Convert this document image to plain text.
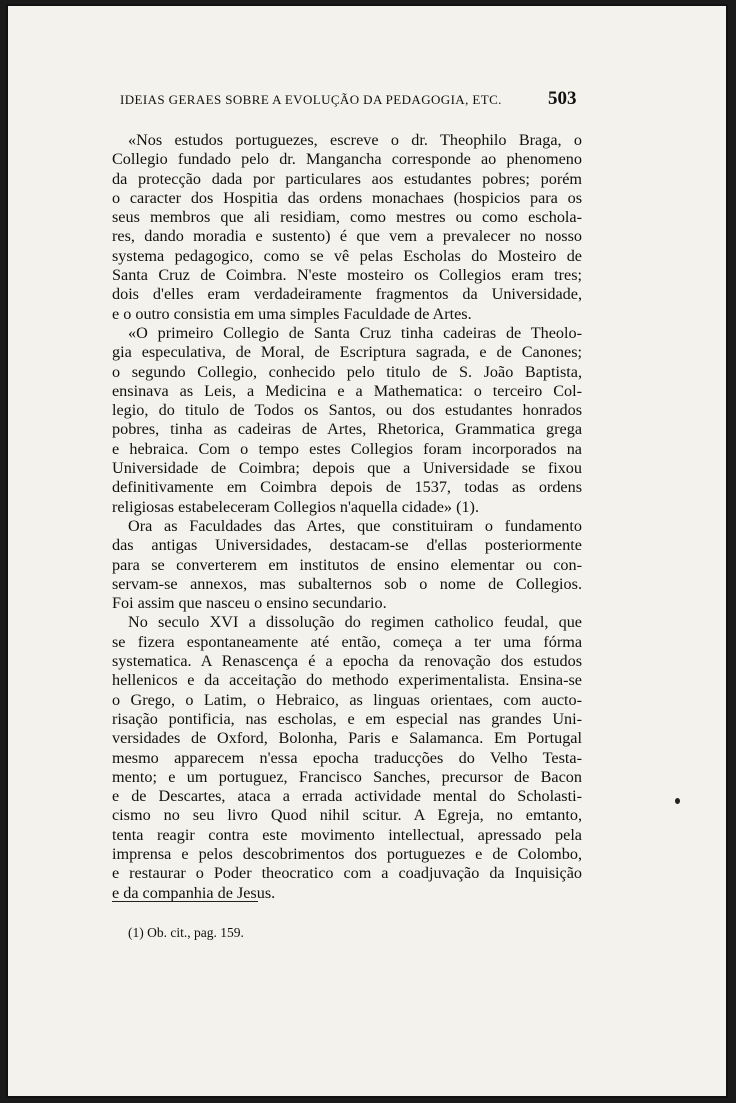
IDEIAS GERAES SOBRE A EVOLUÇÃO DA PEDAGOGIA, ETC.	503
«Nos estudos portuguezes, escreve o dr. Theophilo Braga, o
Collegio fundado pelo dr. Mangancha corresponde ao phenomeno
da protecção dada por particulares aos estudantes pobres; porém
o caracter dos Hospitia das ordens monachaes (hospicios para os
seus membros que ali residiam, como mestres ou como eschola-
res, dando moradia e sustento) é que vem a prevalecer no nosso
systema pedagogico, como se vê pelas Escholas do Mosteiro de
Santa Cruz de Coimbra. N'este mosteiro os Collegios eram tres;
dois d'elles eram verdadeiramente fragmentos da Universidade,
e o outro consistia em uma simples Faculdade de Artes.
«O primeiro Collegio de Santa Cruz tinha cadeiras de Theolo-
gia especulativa, de Moral, de Escriptura sagrada, e de Canones;
o segundo Collegio, conhecido pelo titulo de S. João Baptista,
ensinava as Leis, a Medicina e a Mathematica: o terceiro Col-
legio, do titulo de Todos os Santos, ou dos estudantes honrados
pobres, tinha as cadeiras de Artes, Rhetorica, Grammatica grega
e hebraica. Com o tempo estes Collegios foram incorporados na
Universidade de Coimbra; depois que a Universidade se fixou
definitivamente em Coimbra depois de 1537, todas as ordens
religiosas estabeleceram Collegios n'aquella cidade» (1).
Ora as Faculdades das Artes, que constituiram o fundamento
das antigas Universidades, destacam-se d'ellas posteriormente
para se converterem em institutos de ensino elementar ou con-
servam-se annexos, mas subalternos sob o nome de Collegios.
Foi assim que nasceu o ensino secundario.
No seculo XVI a dissolução do regimen catholico feudal, que
se fizera espontaneamente até então, começa a ter uma fórma
systematica. A Renascença é a epocha da renovação dos estudos
hellenicos e da acceitação do methodo experimentalista. Ensina-se
o Grego, o Latim, o Hebraico, as linguas orientaes, com aucto-
risação pontificia, nas escholas, e em especial nas grandes Uni-
versidades de Oxford, Bolonha, Paris e Salamanca. Em Portugal
mesmo apparecem n'essa epocha traducções do Velho Testa-
mento; e um portuguez, Francisco Sanches, precursor de Bacon
e de Descartes, ataca a errada actividade mental do Scholasti-
cismo no seu livro Quod nihil scitur. A Egreja, no emtanto,
tenta reagir contra este movimento intellectual, apressado pela
imprensa e pelos descobrimentos dos portuguezes e de Colombo,
e restaurar o Poder theocratico com a coadjuvação da Inquisição
e da companhia de Jesus.
(1) Ob. cit., pag. 159.
